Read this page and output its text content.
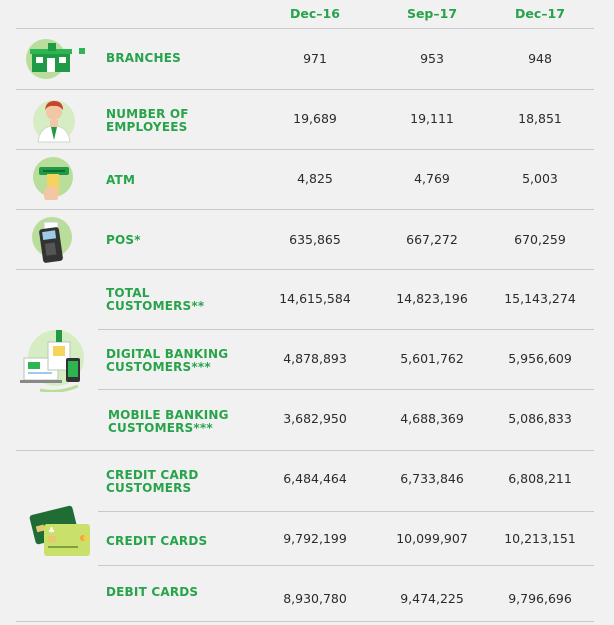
Dec–16	Sep–17	Dec–17
♣
BRANCHES	971	953	948
NUMBER OF
EMPLOYEES
19,689	19,111	18,851
ATM	4,825	4,769	5,003
POS*	635,865	667,272	670,259
TOTAL
CUSTOMERS**	14,615,584	14,823,196	15,143,274
DIGITAL BANKING
CUSTOMERS***
4,878,893	5,601,762	5,956,609
MOBILE BANKING
CUSTOMERS***
3,682,950	4,688,369	5,086,833
CREDIT CARD
CUSTOMERS
6,484,464	6,733,846	6,808,211
CREDIT CARDS	9,792,199	10,099,907	10,213,151
DEBIT CARDS	8,930,780	9,474,225	9,796,696
